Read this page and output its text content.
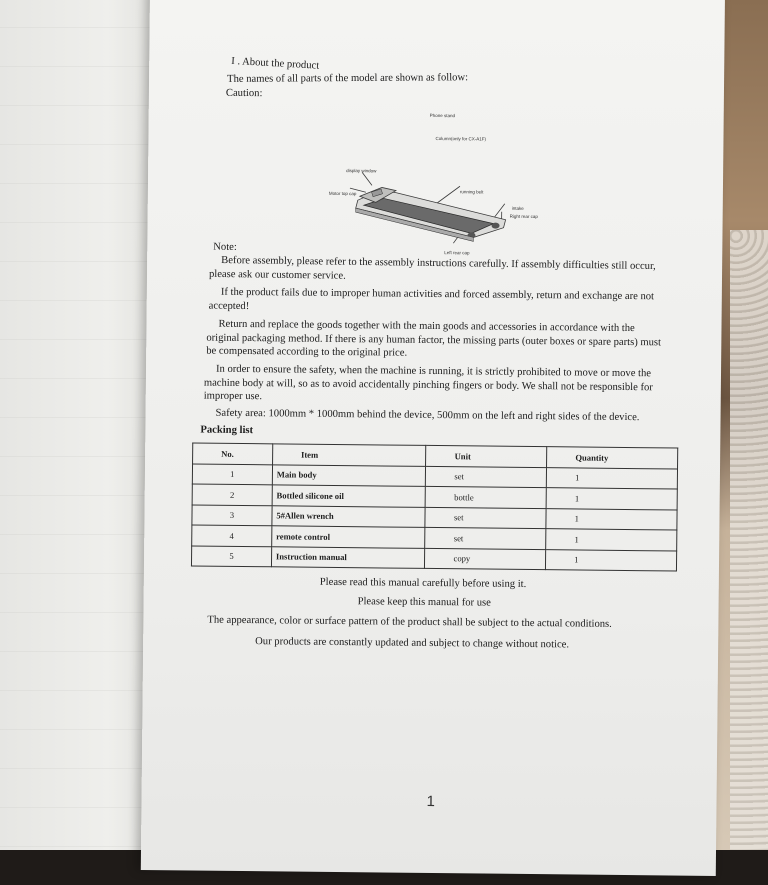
I . About the product
The names of all parts of the model are shown as follow:
Caution:
Phone stand
Column(only for CX-A1F)
display window
Motor top cap	running belt
intake
Right rear cap
Left rear cap
Note:
Before assembly, please refer to the assembly instructions carefully. If assembly difficulties still occur, please ask our customer service.
If the product fails due to improper human activities and forced assembly, return and exchange are not accepted!
Return and replace the goods together with the main goods and accessories in accordance with the original packaging method. If there is any human factor, the missing parts (outer boxes or spare parts) must be compensated according to the original price.
In order to ensure the safety, when the machine is running, it is strictly prohibited to move or move the machine body at will, so as to avoid accidentally pinching fingers or body. We shall not be responsible for improper use.
Safety area: 1000mm * 1000mm behind the device, 500mm on the left and right sides of the device.
Packing list
No.	Item	Unit	Quantity
1	Main body	set	1
2	Bottled silicone oil	bottle	1
3	5#Allen wrench	set	1
4	remote control	set	1
5	Instruction manual	copy	1
Please read this manual carefully before using it.
Please keep this manual for use
The appearance, color or surface pattern of the product shall be subject to the actual conditions.
Our products are constantly updated and subject to change without notice.
1
